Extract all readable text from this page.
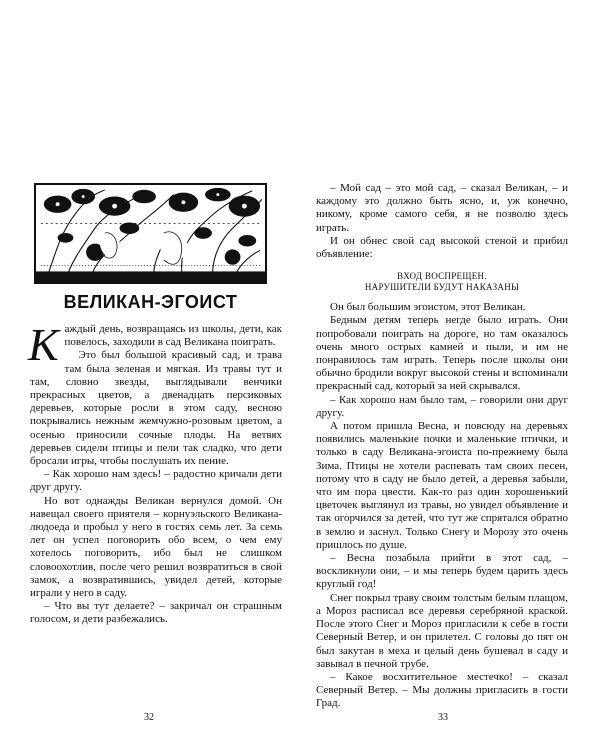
ВЕЛИКАН-ЭГОИСТ
К аждый день, возвращаясь из школы, дети, как повелось, заходили в сад Великана поиграть.

Это был большой красивый сад, и трава там была зеленая и мягкая. Из травы тут и там, словно звезды, выглядывали венчики прекрасных цветов, а двенадцать персиковых деревьев, которые росли в этом саду, весною покрывались нежным жемчужно-розовым цветом, а осенью приносили сочные плоды. На ветвях деревьев сидели птицы и пели так сладко, что дети бросали игры, чтобы послушать их пение.

– Как хорошо нам здесь! – радостно кричали дети друг другу.

Но вот однажды Великан вернулся домой. Он навещал своего приятеля – корнуэльского Великана-людоеда и пробыл у него в гостях семь лет. За семь лет он успел поговорить обо всем, о чем ему хотелось поговорить, ибо был не слишком словоохотлив, после чего решил возвратиться в свой замок, а возвратившись, увидел детей, которые играли у него в саду.

– Что вы тут делаете? – закричал он страшным голосом, и дети разбежались.

32

– Мой сад – это мой сад, – сказал Великан, – и каждому это должно быть ясно, и, уж конечно, никому, кроме самого себя, я не позволю здесь играть.

И он обнес свой сад высокой стеной и прибил объявление:

ВХОД ВОСПРЕЩЕН.
НАРУШИТЕЛИ БУДУТ НАКАЗАНЫ

Он был большим эгоистом, этот Великан.

Бедным детям теперь негде было играть. Они попробовали поиграть на дороге, но там оказалось очень много острых камней и пыли, и им не понравилось там играть. Теперь после школы они обычно бродили вокруг высокой стены и вспоминали прекрасный сад, который за ней скрывался.

– Как хорошо нам было там, – говорили они друг другу.

А потом пришла Весна, и повсюду на деревьях появились маленькие почки и маленькие птички, и только в саду Великана-эгоиста по-прежнему была Зима. Птицы не хотели распевать там своих песен, потому что в саду не было детей, а деревья забыли, что им пора цвести. Как-то раз один хорошенький цветочек выглянул из травы, но увидел объявление и так огорчился за детей, что тут же спрятался обратно в землю и заснул. Только Снегу и Морозу это очень пришлось по душе.

– Весна позабыла прийти в этот сад, – воскликнули они, – и мы теперь будем царить здесь круглый год!

Снег покрыл траву своим толстым белым плащом, а Мороз расписал все деревья серебряной краской. После этого Снег и Мороз пригласили к себе в гости Северный Ветер, и он прилетел. С головы до пят он был закутан в меха и целый день бушевал в саду и завывал в печной трубе.

– Какое восхитительное местечко! – сказал Северный Ветер. – Мы должны пригласить в гости Град.

33
